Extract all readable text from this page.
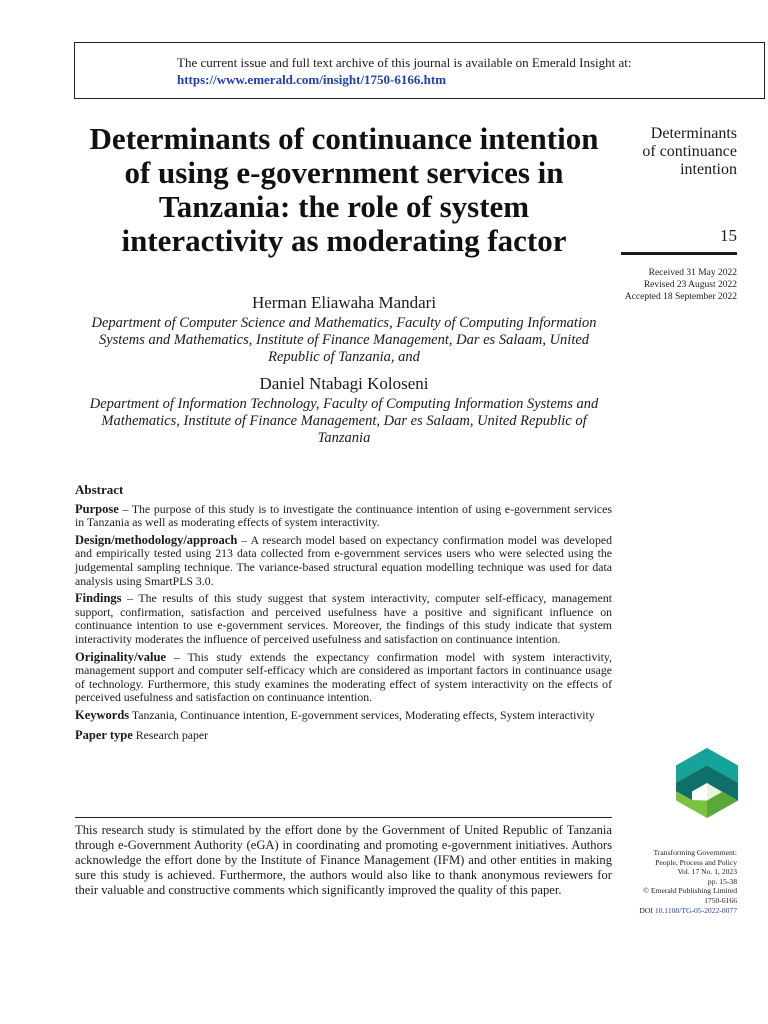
The current issue and full text archive of this journal is available on Emerald Insight at:
https://www.emerald.com/insight/1750-6166.htm
Determinants of continuance intention of using e-government services in Tanzania: the role of system interactivity as moderating factor
Herman Eliawaha Mandari
Department of Computer Science and Mathematics, Faculty of Computing Information Systems and Mathematics, Institute of Finance Management, Dar es Salaam, United Republic of Tanzania, and
Daniel Ntabagi Koloseni
Department of Information Technology, Faculty of Computing Information Systems and Mathematics, Institute of Finance Management, Dar es Salaam, United Republic of Tanzania
Determinants
of continuance
intention
15
Received 31 May 2022
Revised 23 August 2022
Accepted 18 September 2022
Abstract

Purpose – The purpose of this study is to investigate the continuance intention of using e-government services in Tanzania as well as moderating effects of system interactivity.

Design/methodology/approach – A research model based on expectancy confirmation model was developed and empirically tested using 213 data collected from e-government services users who were selected using the judgemental sampling technique. The variance-based structural equation modelling technique was used for data analysis using SmartPLS 3.0.

Findings – The results of this study suggest that system interactivity, computer self-efficacy, management support, confirmation, satisfaction and perceived usefulness have a positive and significant influence on continuance intention to use e-government services. Moreover, the findings of this study indicate that system interactivity moderates the influence of perceived usefulness and satisfaction on continuance intention.

Originality/value – This study extends the expectancy confirmation model with system interactivity, management support and computer self-efficacy which are considered as important factors in continuance usage of technology. Furthermore, this study examines the moderating effect of system interactivity on the effects of perceived usefulness and satisfaction on continuance intention.

Keywords Tanzania, Continuance intention, E-government services, Moderating effects, System interactivity

Paper type Research paper

This research study is stimulated by the effort done by the Government of United Republic of Tanzania through e-Government Authority (eGA) in coordinating and promoting e-government initiatives. Authors acknowledge the effort done by the Institute of Finance Management (IFM) and other entities in making sure this study is achieved. Furthermore, the authors would also like to thank anonymous reviewers for their valuable and constructive comments which significantly improved the quality of this paper.
Transforming Government:
People, Process and Policy
Vol. 17 No. 1, 2023
pp. 15-38
© Emerald Publishing Limited
1750-6166
DOI 10.1108/TG-05-2022-0077
